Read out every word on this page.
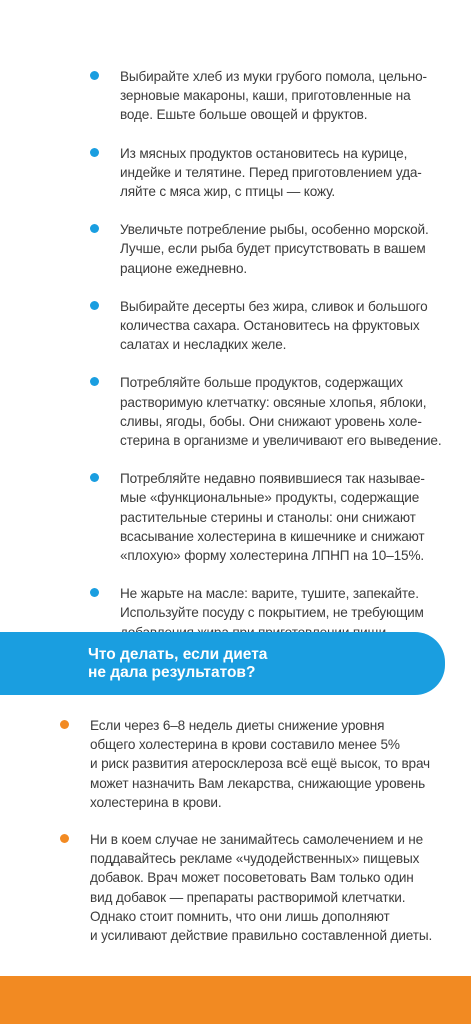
Выбирайте хлеб из муки грубого помола, цельно-
зерновые макароны, каши, приготовленные на
воде. Ешьте больше овощей и фруктов.
Из мясных продуктов остановитесь на курице,
индейке и телятине. Перед приготовлением уда-
ляйте с мяса жир, с птицы — кожу.
Увеличьте потребление рыбы, особенно морской.
Лучше, если рыба будет присутствовать в вашем
рационе ежедневно.
Выбирайте десерты без жира, сливок и большого
количества сахара. Остановитесь на фруктовых
салатах и несладких желе.
Потребляйте больше продуктов, содержащих
растворимую клетчатку: овсяные хлопья, яблоки,
сливы, ягоды, бобы. Они снижают уровень холе-
стерина в организме и увеличивают его выведение.
Потребляйте недавно появившиеся так называе-
мые «функциональные» продукты, содержащие
растительные стерины и станолы: они снижают
всасывание холестерина в кишечнике и снижают
«плохую» форму холестерина ЛПНП на 10–15%.
Не жарьте на масле: варите, тушите, запекайте.
Используйте посуду с покрытием, не требующим
Что делать, если диета
не дала результатов?
Если через 6–8 недель диеты снижение уровня
общего холестерина в крови составило менее 5%
и риск развития атеросклероза всё ещё высок, то врач
может назначить Вам лекарства, снижающие уровень
холестерина в крови.
Ни в коем случае не занимайтесь самолечением и не
поддавайтесь рекламе «чудодейственных» пищевых
добавок. Врач может посоветовать Вам только один
вид добавок — препараты растворимой клетчатки.
Однако стоит помнить, что они лишь дополняют
и усиливают действие правильно составленной диеты.
